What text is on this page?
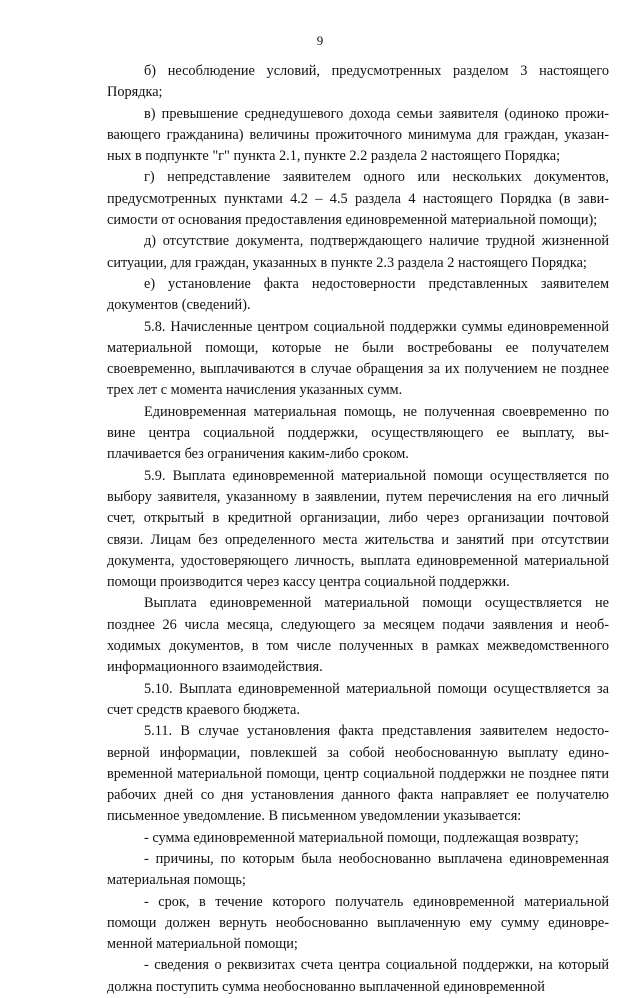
9

б) несоблюдение условий, предусмотренных разделом 3 настоящего Порядка;

в) превышение среднедушевого дохода семьи заявителя (одиноко проживающего гражданина) величины прожиточного минимума для граждан, указанных в подпункте "г" пункта 2.1, пункте 2.2 раздела 2 настоящего Порядка;

г) непредставление заявителем одного или нескольких документов, предусмотренных пунктами 4.2 – 4.5 раздела 4 настоящего Порядка (в зависимости от основания предоставления единовременной материальной помощи);

д) отсутствие документа, подтверждающего наличие трудной жизненной ситуации, для граждан, указанных в пункте 2.3 раздела 2 настоящего Порядка;

е) установление факта недостоверности представленных заявителем документов (сведений).

5.8. Начисленные центром социальной поддержки суммы единовременной материальной помощи, которые не были востребованы ее получателем своевременно, выплачиваются в случае обращения за их получением не позднее трех лет с момента начисления указанных сумм.

Единовременная материальная помощь, не полученная своевременно по вине центра социальной поддержки, осуществляющего ее выплату, выплачивается без ограничения каким-либо сроком.

5.9. Выплата единовременной материальной помощи осуществляется по выбору заявителя, указанному в заявлении, путем перечисления на его личный счет, открытый в кредитной организации, либо через организации почтовой связи. Лицам без определенного места жительства и занятий при отсутствии документа, удостоверяющего личность, выплата единовременной материальной помощи производится через кассу центра социальной поддержки.

Выплата единовременной материальной помощи осуществляется не позднее 26 числа месяца, следующего за месяцем подачи заявления и необходимых документов, в том числе полученных в рамках межведомственного информационного взаимодействия.

5.10. Выплата единовременной материальной помощи осуществляется за счет средств краевого бюджета.

5.11. В случае установления факта представления заявителем недостоверной информации, повлекшей за собой необоснованную выплату единовременной материальной помощи, центр социальной поддержки не позднее пяти рабочих дней со дня установления данного факта направляет ее получателю письменное уведомление. В письменном уведомлении указывается:

- сумма единовременной материальной помощи, подлежащая возврату;

- причины, по которым была необоснованно выплачена единовременная материальная помощь;

- срок, в течение которого получатель единовременной материальной помощи должен вернуть необоснованно выплаченную ему сумму единовременной материальной помощи;

- сведения о реквизитах счета центра социальной поддержки, на который должна поступить сумма необоснованно выплаченной единовременной
